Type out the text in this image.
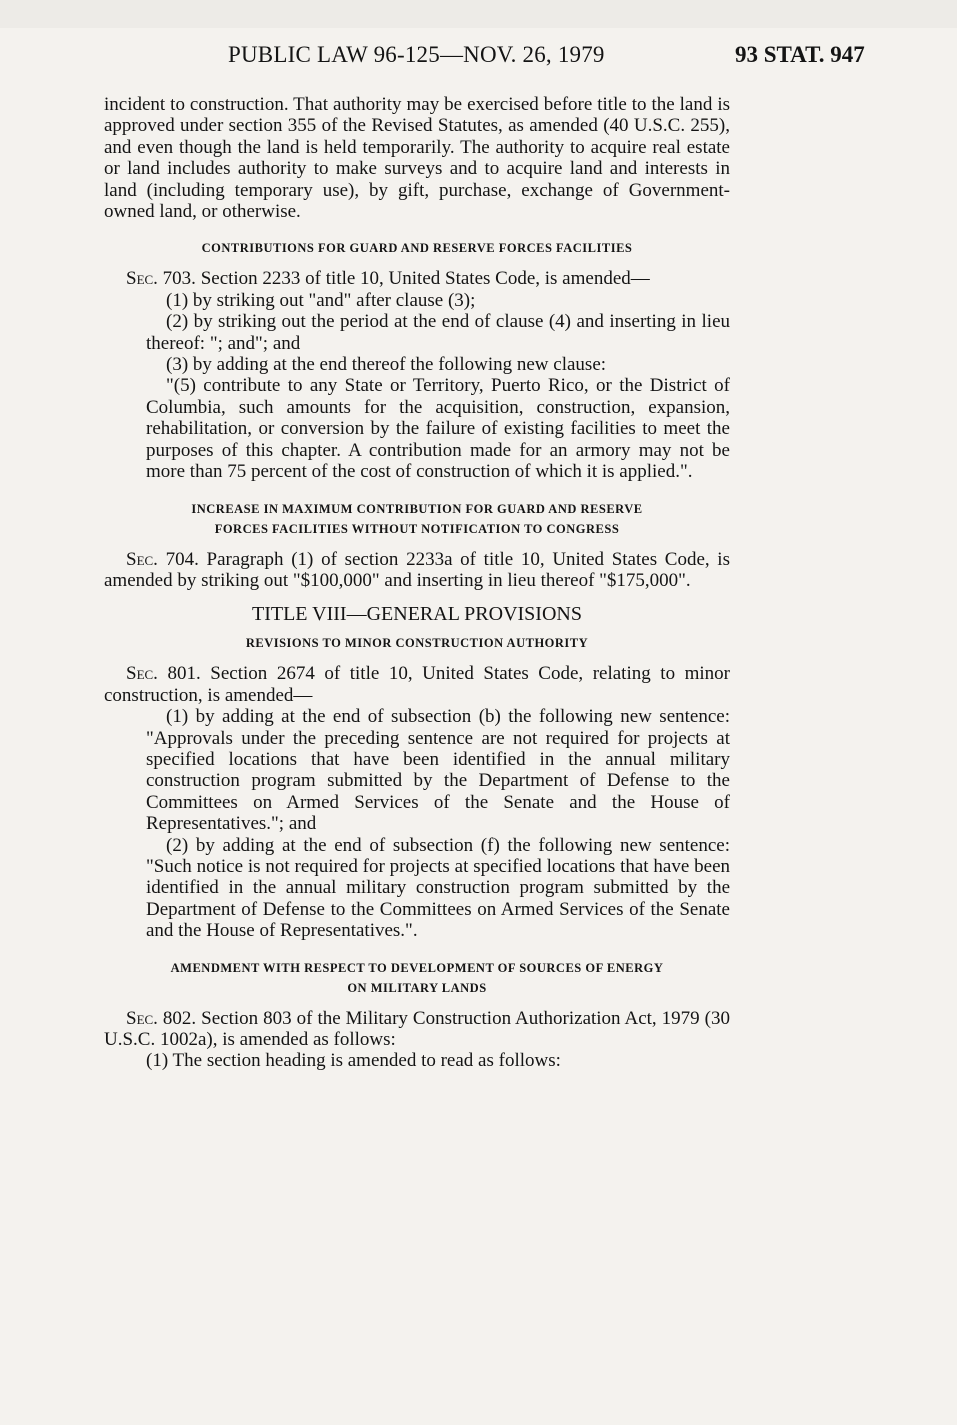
PUBLIC LAW 96-125—NOV. 26, 1979	93 STAT. 947

incident to construction. That authority may be exercised before title to the land is approved under section 355 of the Revised Statutes, as amended (40 U.S.C. 255), and even though the land is held temporarily. The authority to acquire real estate or land includes authority to make surveys and to acquire land and interests in land (including temporary use), by gift, purchase, exchange of Government-owned land, or otherwise.

CONTRIBUTIONS FOR GUARD AND RESERVE FORCES FACILITIES

Sec. 703. Section 2233 of title 10, United States Code, is amended—

(1) by striking out "and" after clause (3);

(2) by striking out the period at the end of clause (4) and inserting in lieu thereof: "; and"; and

(3) by adding at the end thereof the following new clause:

"(5) contribute to any State or Territory, Puerto Rico, or the District of Columbia, such amounts for the acquisition, construction, expansion, rehabilitation, or conversion by the failure of existing facilities to meet the purposes of this chapter. A contribution made for an armory may not be more than 75 percent of the cost of construction of which it is applied.".

INCREASE IN MAXIMUM CONTRIBUTION FOR GUARD AND RESERVE
FORCES FACILITIES WITHOUT NOTIFICATION TO CONGRESS

Sec. 704. Paragraph (1) of section 2233a of title 10, United States Code, is amended by striking out "$100,000" and inserting in lieu thereof "$175,000".

TITLE VIII—GENERAL PROVISIONS
REVISIONS TO MINOR CONSTRUCTION AUTHORITY

Sec. 801. Section 2674 of title 10, United States Code, relating to minor construction, is amended—

(1) by adding at the end of subsection (b) the following new sentence: "Approvals under the preceding sentence are not required for projects at specified locations that have been identified in the annual military construction program submitted by the Department of Defense to the Committees on Armed Services of the Senate and the House of Representatives."; and

(2) by adding at the end of subsection (f) the following new sentence: "Such notice is not required for projects at specified locations that have been identified in the annual military construction program submitted by the Department of Defense to the Committees on Armed Services of the Senate and the House of Representatives.".

AMENDMENT WITH RESPECT TO DEVELOPMENT OF SOURCES OF ENERGY
ON MILITARY LANDS

Sec. 802. Section 803 of the Military Construction Authorization Act, 1979 (30 U.S.C. 1002a), is amended as follows:

(1) The section heading is amended to read as follows:
